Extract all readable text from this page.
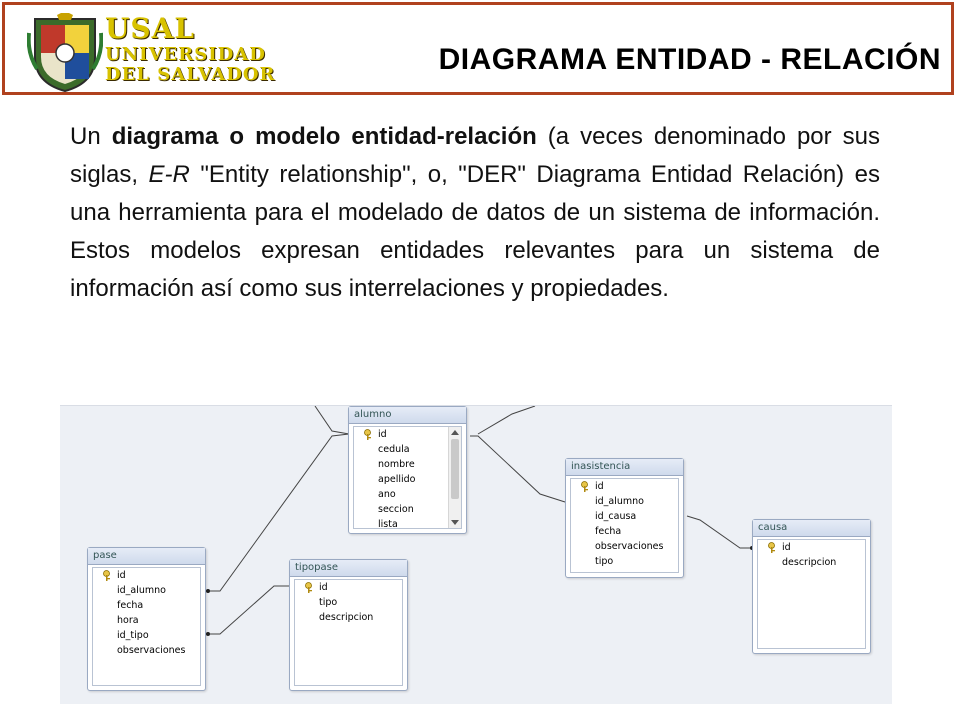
USAL
UNIVERSIDAD
DEL SALVADOR	DIAGRAMA ENTIDAD - RELACIÓN
Un diagrama o modelo entidad-relación (a veces denominado por sus siglas, E-R "Entity relationship", o, "DER" Diagrama Entidad Relación) es una herramienta para el modelado de datos de un sistema de información. Estos modelos expresan entidades relevantes para un sistema de información así como sus interrelaciones y propiedades.
alumno
id
cedula
nombre
apellido
ano
seccion
lista
inasistencia
id
id_alumno
id_causa
fecha
observaciones
tipo
causa
id
descripcion
pase
id
id_alumno
fecha
hora
id_tipo
observaciones
tipopase
id
tipo
descripcion
